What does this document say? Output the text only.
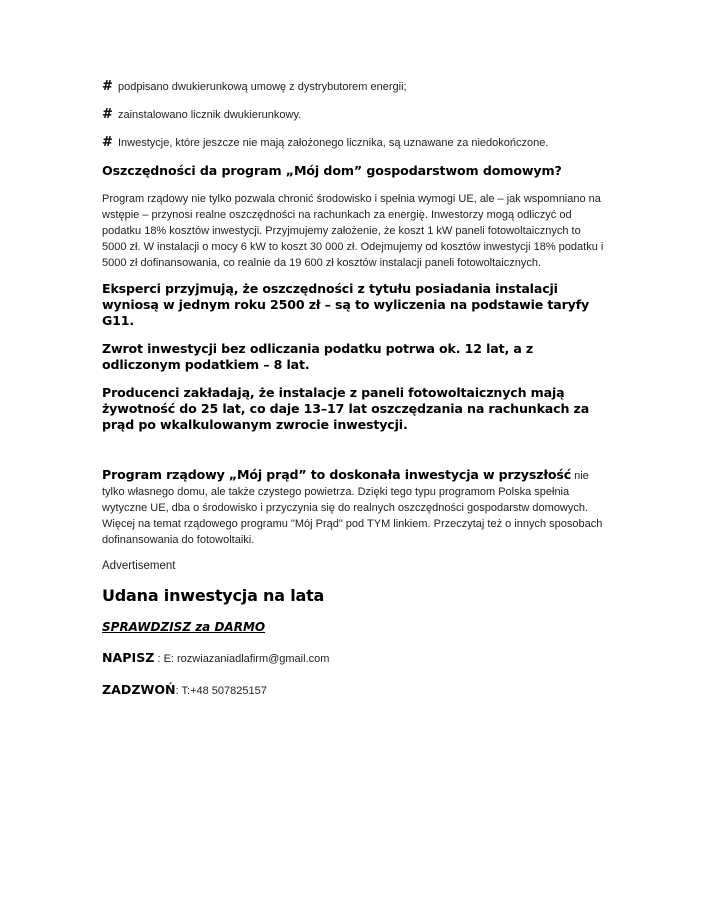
# podpisano dwukierunkową umowę z dystrybutorem energii;

# zainstalowano licznik dwukierunkowy.

# Inwestycje, które jeszcze nie mają założonego licznika, są uznawane za niedokończone.

Oszczędności da program „Mój dom” gospodarstwom domowym?

Program rządowy nie tylko pozwala chronić środowisko i spełnia wymogi UE, ale – jak wspomniano na wstępie – przynosi realne oszczędności na rachunkach za energię. Inwestorzy mogą odliczyć od podatku 18% kosztów inwestycji. Przyjmujemy założenie, że koszt 1 kW paneli fotowoltaicznych to 5000 zł. W instalacji o mocy 6 kW to koszt 30 000 zł. Odejmujemy od kosztów inwestycji 18% podatku i 5000 zł dofinansowania, co realnie da 19 600 zł kosztów instalacji paneli fotowoltaicznych.

Eksperci przyjmują, że oszczędności z tytułu posiadania instalacji wyniosą w jednym roku 2500 zł – są to wyliczenia na podstawie taryfy G11.

Zwrot inwestycji bez odliczania podatku potrwa ok. 12 lat, a z odliczonym podatkiem – 8 lat.

Producenci zakładają, że instalacje z paneli fotowoltaicznych mają żywotność do 25 lat, co daje 13–17 lat oszczędzania na rachunkach za prąd po wkalkulowanym zwrocie inwestycji.

Program rządowy „Mój prąd” to doskonała inwestycja w przyszłość nie tylko własnego domu, ale także czystego powietrza. Dzięki tego typu programom Polska spełnia wytyczne UE, dba o środowisko i przyczynia się do realnych oszczędności gospodarstw domowych. Więcej na temat rządowego programu "Mój Prąd" pod TYM linkiem. Przeczytaj też o innych sposobach dofinansowania do fotowoltaiki.

Advertisement

Udana inwestycja na lata
SPRAWDZISZ za DARMO

NAPISZ : E: rozwiazaniadlafirm@gmail.com

ZADZWOŃ: T:+48 507825157
